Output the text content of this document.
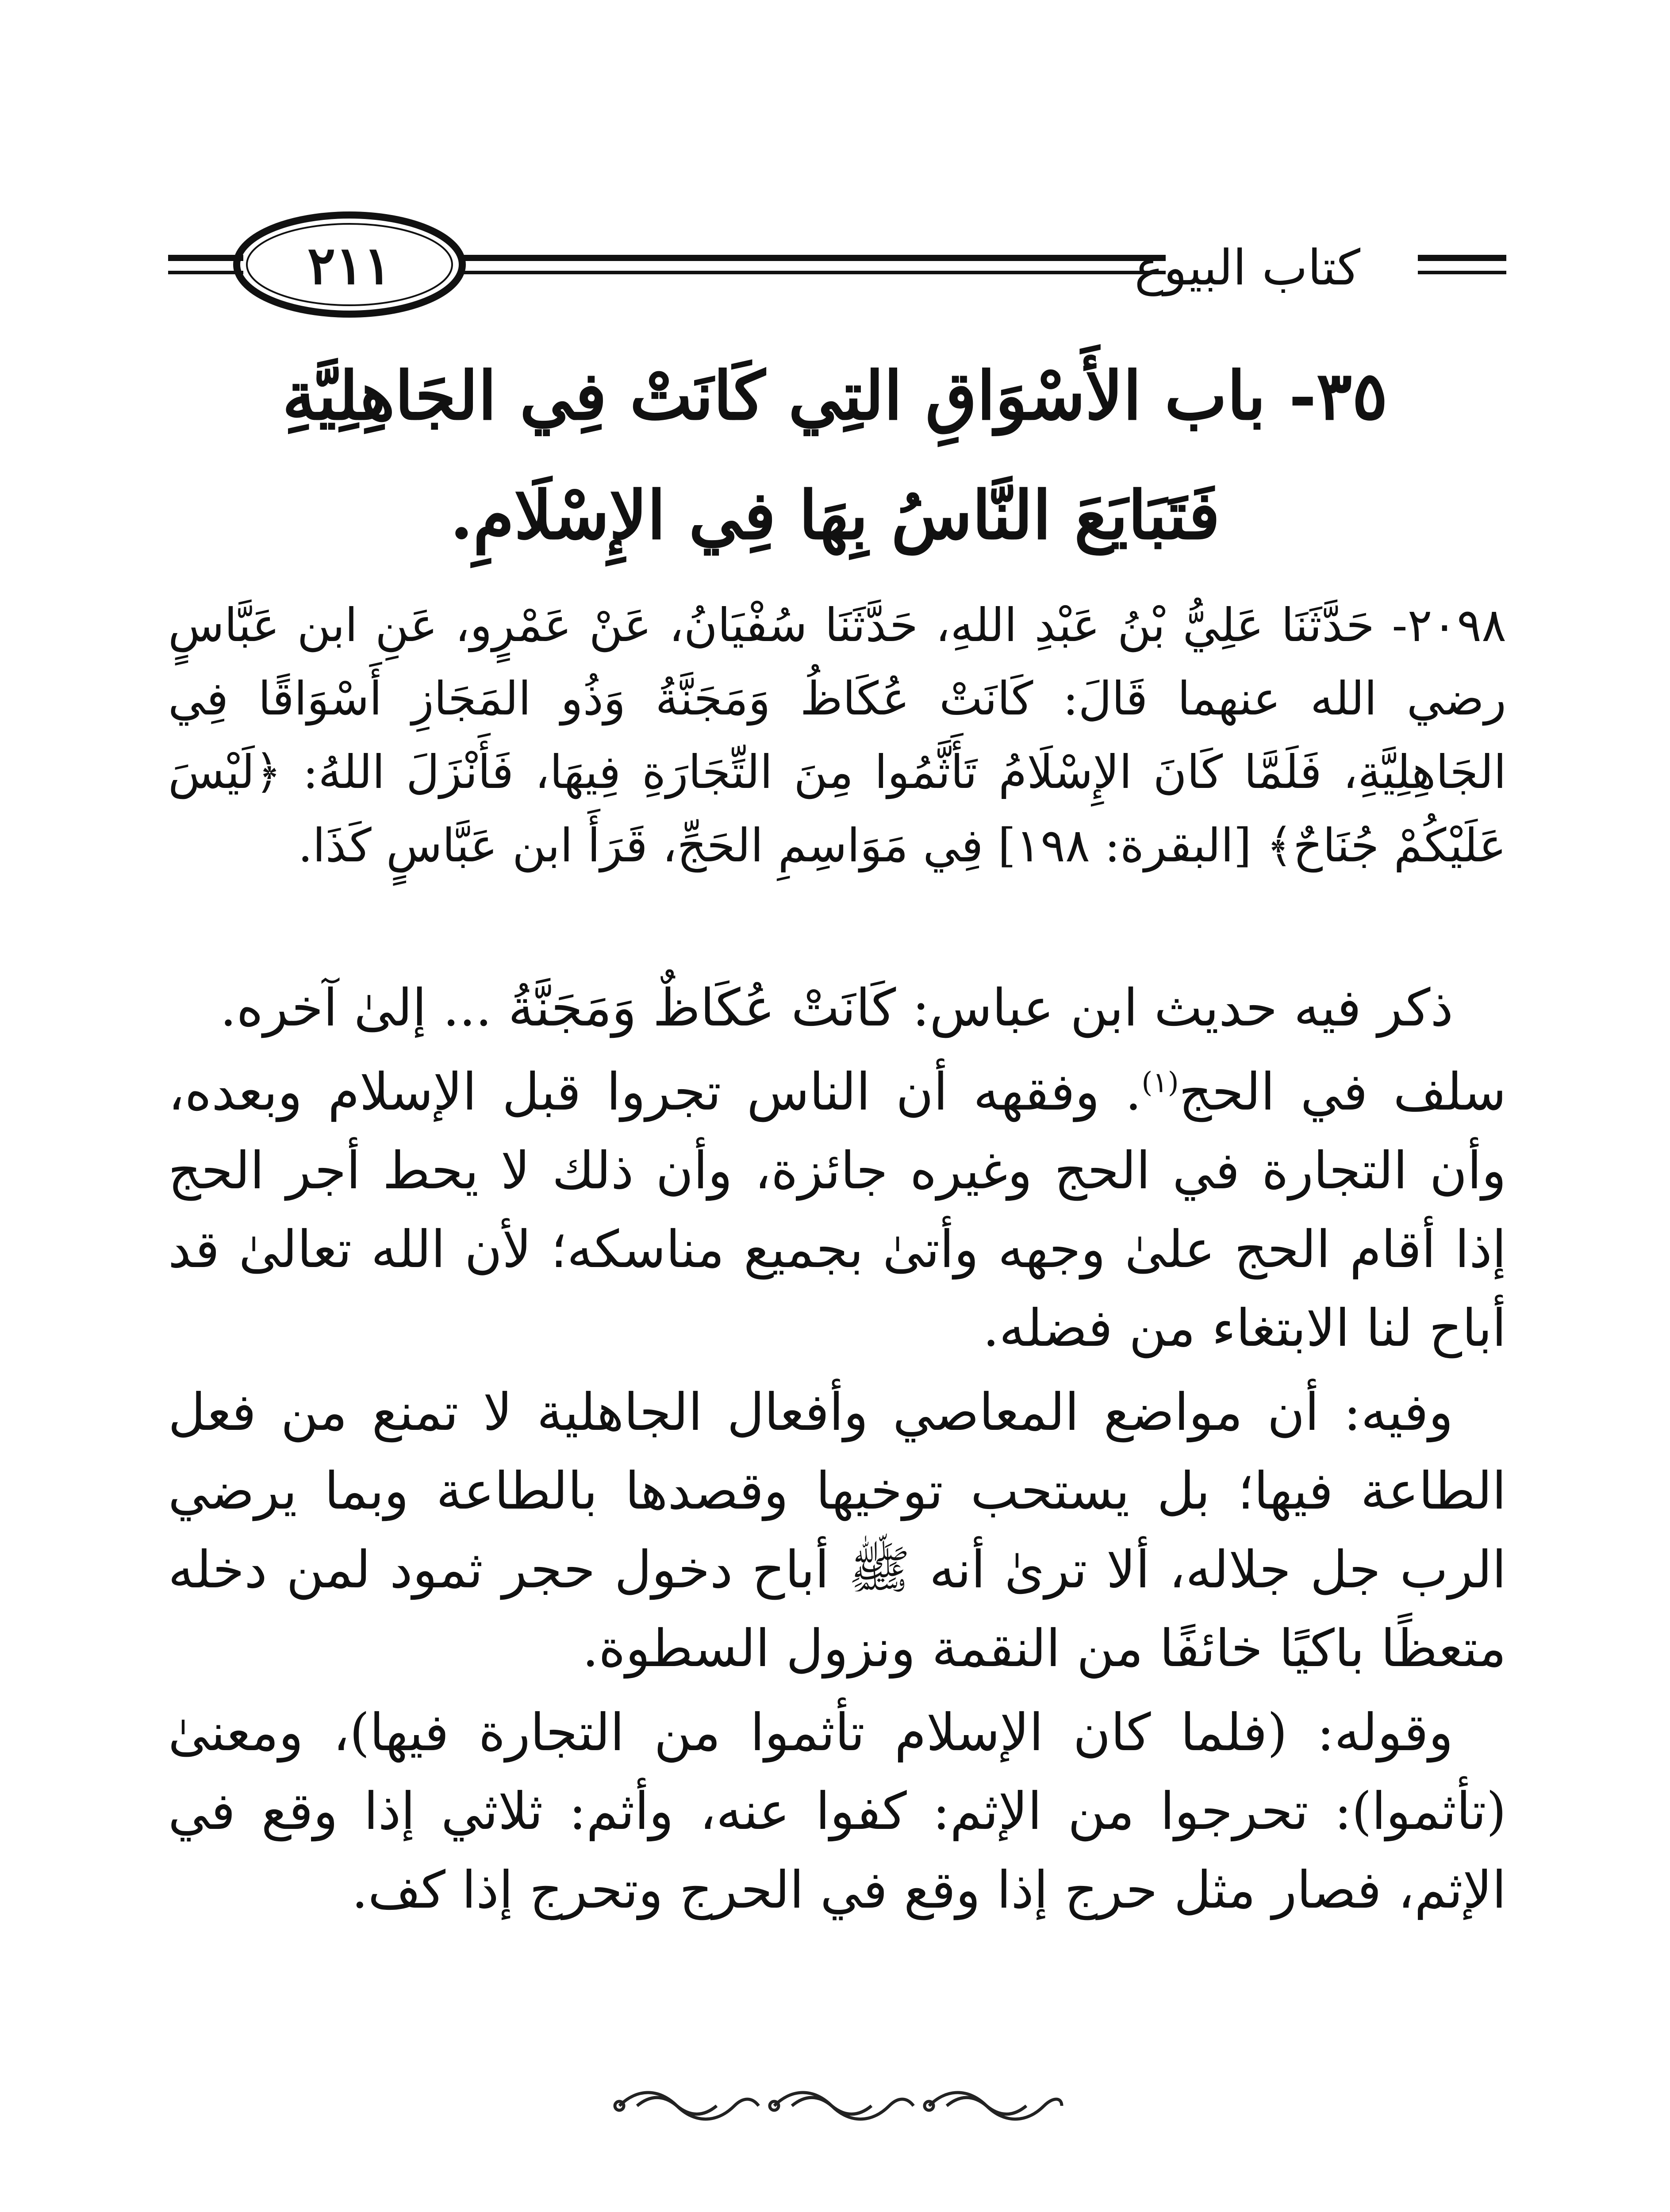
٢١١	كتاب البيوع
٣٥- باب الأَسْوَاقِ التِي كَانَتْ فِي الجَاهِلِيَّةِ
فَتَبَايَعَ النَّاسُ بِهَا فِي الإِسْلَامِ.

٢٠٩٨- حَدَّثَنَا عَلِيُّ بْنُ عَبْدِ اللهِ، حَدَّثَنَا سُفْيَانُ، عَنْ عَمْرٍو، عَنِ ابن عَبَّاسٍ رضي الله عنهما قَالَ: كَانَتْ عُكَاظُ وَمَجَنَّةُ وَذُو المَجَازِ أَسْوَاقًا فِي الجَاهِلِيَّةِ، فَلَمَّا كَانَ الإِسْلَامُ تَأَثَّمُوا مِنَ التِّجَارَةِ فِيهَا، فَأَنْزَلَ اللهُ: ﴿لَيْسَ عَلَيْكُمْ جُنَاحٌ﴾ [البقرة: ١٩٨] فِي مَوَاسِمِ الحَجِّ، قَرَأَ ابن عَبَّاسٍ كَذَا.

ذكر فيه حديث ابن عباس: كَانَتْ عُكَاظٌ وَمَجَنَّةُ ... إلىٰ آخره.

سلف في الحج$^{(١)}$. وفقهه أن الناس تجروا قبل الإسلام وبعده، وأن التجارة في الحج وغيره جائزة، وأن ذلك لا يحط أجر الحج إذا أقام الحج علىٰ وجهه وأتىٰ بجميع مناسكه؛ لأن الله تعالىٰ قد أباح لنا الابتغاء من فضله.

وفيه: أن مواضع المعاصي وأفعال الجاهلية لا تمنع من فعل الطاعة فيها؛ بل يستحب توخيها وقصدها بالطاعة وبما يرضي الرب جل جلاله، ألا ترىٰ أنه ﷺ أباح دخول حجر ثمود لمن دخله متعظًا باكيًا خائفًا من النقمة ونزول السطوة.

وقوله: (فلما كان الإسلام تأثموا من التجارة فيها)، ومعنىٰ (تأثموا): تحرجوا من الإثم: كفوا عنه، وأثم: ثلاثي إذا وقع في الإثم، فصار مثل حرج إذا وقع في الحرج وتحرج إذا كف.
